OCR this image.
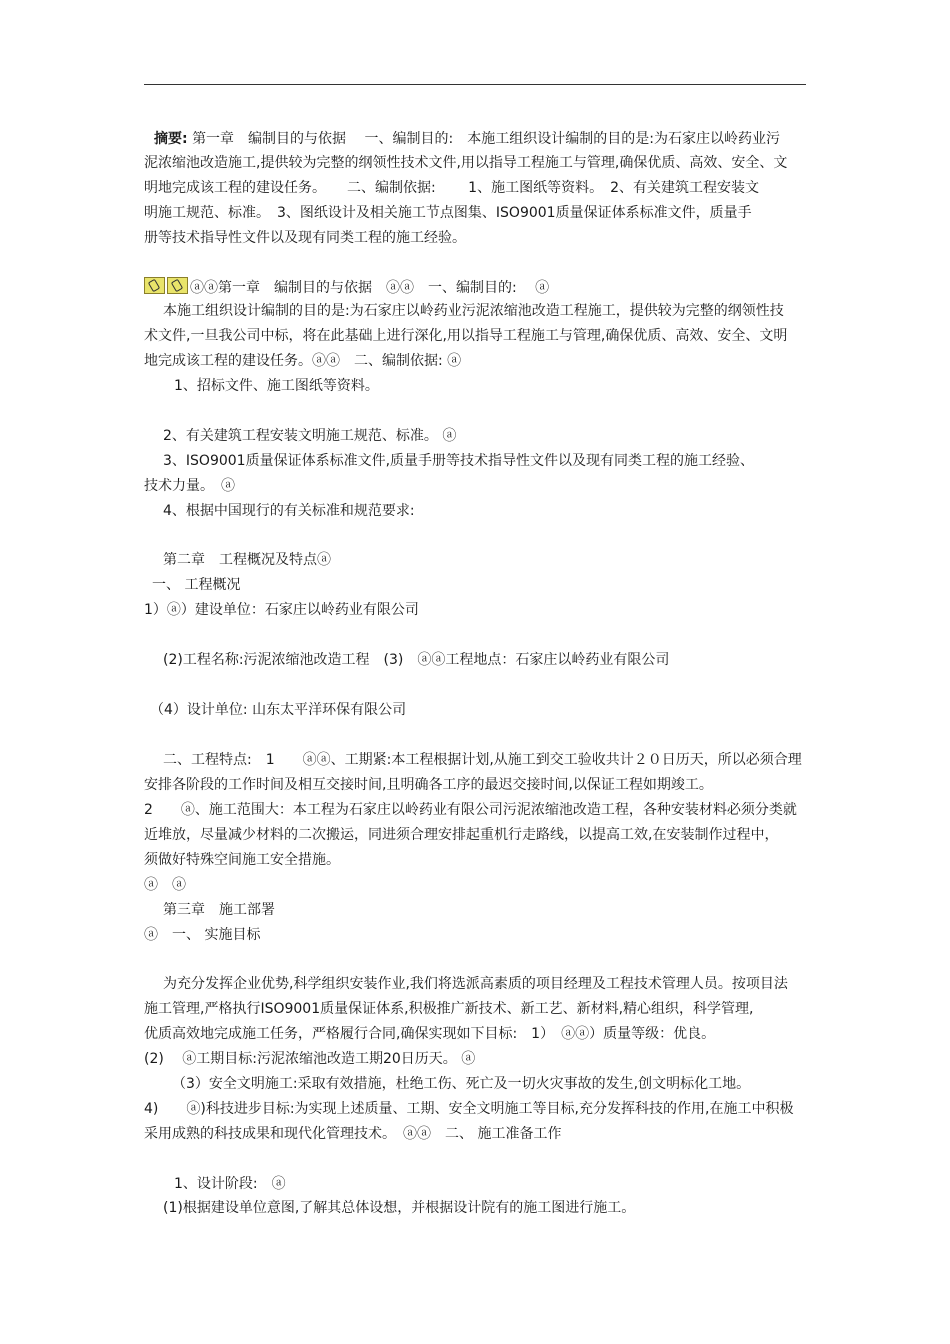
摘要: 第一章　编制目的与依据　 一、编制目的:　本施工组织设计编制的目的是:为石家庄以岭药业污
泥浓缩池改造施工,提供较为完整的纲领性技术文件,用以指导工程施工与管理,确保优质、高效、安全、文
明地完成该工程的建设任务。　　二、编制依据:　　 1、施工图纸等资料。　2、有关建筑工程安装文
明施工规范、标准。　3、图纸设计及相关施工节点图集、ISO9001质量保证体系标准文件，质量手
册等技术指导性文件以及现有同类工程的施工经验。
ⓐⓐ第一章　编制目的与依据　ⓐⓐ　一、编制目的:　 ⓐ
本施工组织设计编制的目的是:为石家庄以岭药业污泥浓缩池改造工程施工，提供较为完整的纲领性技
术文件,一旦我公司中标，将在此基础上进行深化,用以指导工程施工与管理,确保优质、高效、安全、文明
地完成该工程的建设任务。ⓐⓐ　二、编制依据: ⓐ
1、招标文件、施工图纸等资料。
2、有关建筑工程安装文明施工规范、标准。 ⓐ
3、ISO9001质量保证体系标准文件,质量手册等技术指导性文件以及现有同类工程的施工经验、
技术力量。　ⓐ
4、根据中国现行的有关标准和规范要求:
第二章　工程概况及特点ⓐ
一、 工程概况
1）ⓐ）建设单位：石家庄以岭药业有限公司
(2)工程名称:污泥浓缩池改造工程　(3)　ⓐⓐ工程地点：石家庄以岭药业有限公司
（4）设计单位: 山东太平洋环保有限公司
二、工程特点:　1　　ⓐⓐ、工期紧:本工程根据计划,从施工到交工验收共计２０日历天，所以必须合理
安排各阶段的工作时间及相互交接时间,且明确各工序的最迟交接时间,以保证工程如期竣工。
2　　ⓐ、施工范围大：本工程为石家庄以岭药业有限公司污泥浓缩池改造工程，各种安装材料必须分类就
近堆放，尽量减少材料的二次搬运，同进须合理安排起重机行走路线，以提高工效,在安装制作过程中，
须做好特殊空间施工安全措施。
ⓐ　ⓐ
第三章　施工部署
ⓐ　一、 实施目标
为充分发挥企业优势,科学组织安装作业,我们将选派高素质的项目经理及工程技术管理人员。按项目法
施工管理,严格执行ISO9001质量保证体系,积极推广新技术、新工艺、新材料,精心组织，科学管理,
优质高效地完成施工任务，严格履行合同,确保实现如下目标:　1）　ⓐⓐ）质量等级：优良。
(2)　 ⓐ工期目标:污泥浓缩池改造工期20日历天。 ⓐ
（3）安全文明施工:采取有效措施，杜绝工伤、死亡及一切火灾事故的发生,创文明标化工地。
4)　　ⓐ)科技进步目标:为实现上述质量、工期、安全文明施工等目标,充分发挥科技的作用,在施工中积极
采用成熟的科技成果和现代化管理技术。　ⓐⓐ　二、 施工准备工作
1、设计阶段:　ⓐ
(1)根据建设单位意图,了解其总体设想，并根据设计院有的施工图进行施工。
